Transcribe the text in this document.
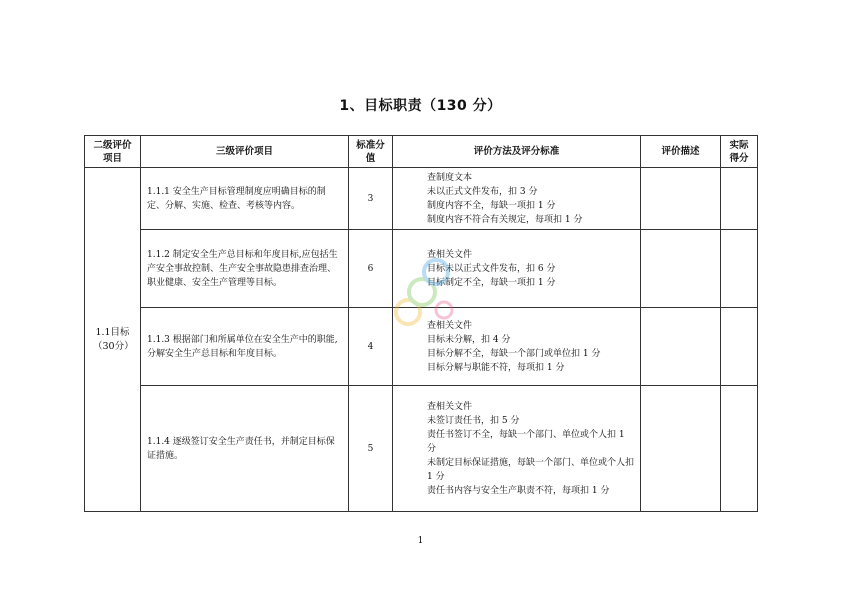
1、目标职责（130 分）
二级评价项目	三级评价项目	标准分值	评价方法及评分标准	评价描述	实际得分
1.1目标（30分）	1.1.1 安全生产目标管理制度应明确目标的制定、分解、实施、检查、考核等内容。	3	查制度文本
未以正式文件发布，扣 3 分
制度内容不全，每缺一项扣 1 分
制度内容不符合有关规定，每项扣 1 分		

	1.1.2 制定安全生产总目标和年度目标,应包括生产安全事故控制、生产安全事故隐患排查治理、职业健康、安全生产管理等目标。	6	查相关文件
目标未以正式文件发布，扣 6 分
目标制定不全，每缺一项扣 1 分		

	1.1.3 根据部门和所属单位在安全生产中的职能,分解安全生产总目标和年度目标。	4	查相关文件
目标未分解，扣 4 分
目标分解不全，每缺一个部门或单位扣 1 分
目标分解与职能不符，每项扣 1 分		

	1.1.4 逐级签订安全生产责任书，并制定目标保证措施。	5	查相关文件
未签订责任书，扣 5 分
责任书签订不全，每缺一个部门、单位或个人扣 1 分
未制定目标保证措施，每缺一个部门、单位或个人扣 1 分
责任书内容与安全生产职责不符，每项扣 1 分		

1
